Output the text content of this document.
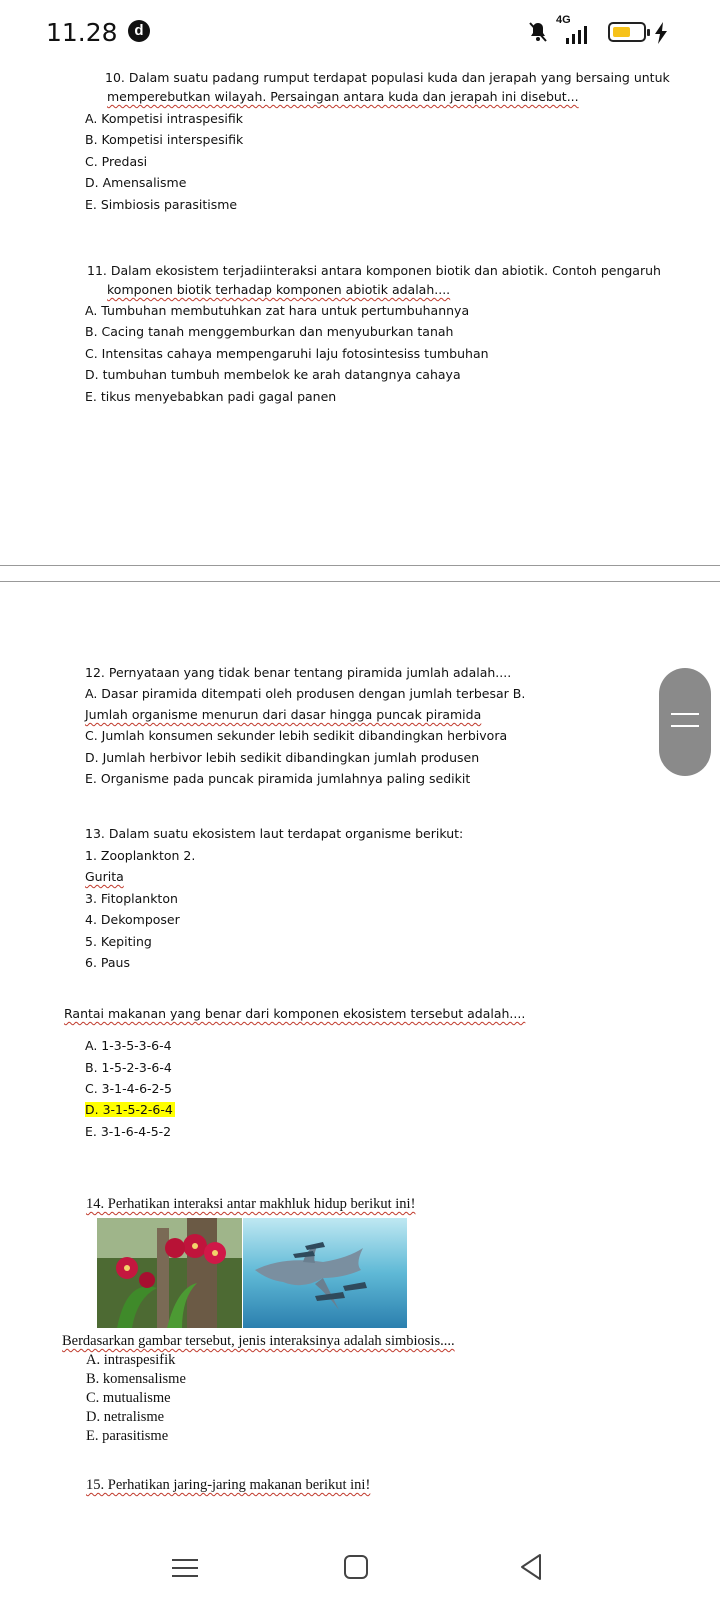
11.28	d
4G
10. Dalam suatu padang rumput terdapat populasi kuda dan jerapah yang bersaing untuk
memperebutkan wilayah. Persaingan antara kuda dan jerapah ini disebut...
A. Kompetisi intraspesifik
B. Kompetisi interspesifik
C. Predasi
D. Amensalisme
E. Simbiosis parasitisme
11. Dalam ekosistem terjadiinteraksi antara komponen biotik dan abiotik. Contoh pengaruh
komponen biotik terhadap komponen abiotik adalah....
A. Tumbuhan membutuhkan zat hara untuk pertumbuhannya
B. Cacing tanah menggemburkan dan menyuburkan tanah
C. Intensitas cahaya mempengaruhi laju fotosintesiss tumbuhan
D. tumbuhan tumbuh membelok ke arah datangnya cahaya
E. tikus menyebabkan padi gagal panen
12. Pernyataan yang tidak benar tentang piramida jumlah adalah....
A. Dasar piramida ditempati oleh produsen dengan jumlah terbesar B.
Jumlah organisme menurun dari dasar hingga puncak piramida
C. Jumlah konsumen sekunder lebih sedikit dibandingkan herbivora
D. Jumlah herbivor lebih sedikit dibandingkan jumlah produsen
E. Organisme pada puncak piramida jumlahnya paling sedikit
13. Dalam suatu ekosistem laut terdapat organisme berikut:
1. Zooplankton 2.
Gurita
3. Fitoplankton
4. Dekomposer
5. Kepiting
6. Paus
Rantai makanan yang benar dari komponen ekosistem tersebut adalah....
A. 1-3-5-3-6-4
B. 1-5-2-3-6-4
C. 3-1-4-6-2-5
D. 3-1-5-2-6-4
E. 3-1-6-4-5-2
14. Perhatikan interaksi antar makhluk hidup berikut ini!
Berdasarkan gambar tersebut, jenis interaksinya adalah simbiosis....
A. intraspesifik
B. komensalisme
C. mutualisme
D. netralisme
E. parasitisme
15. Perhatikan jaring-jaring makanan berikut ini!
